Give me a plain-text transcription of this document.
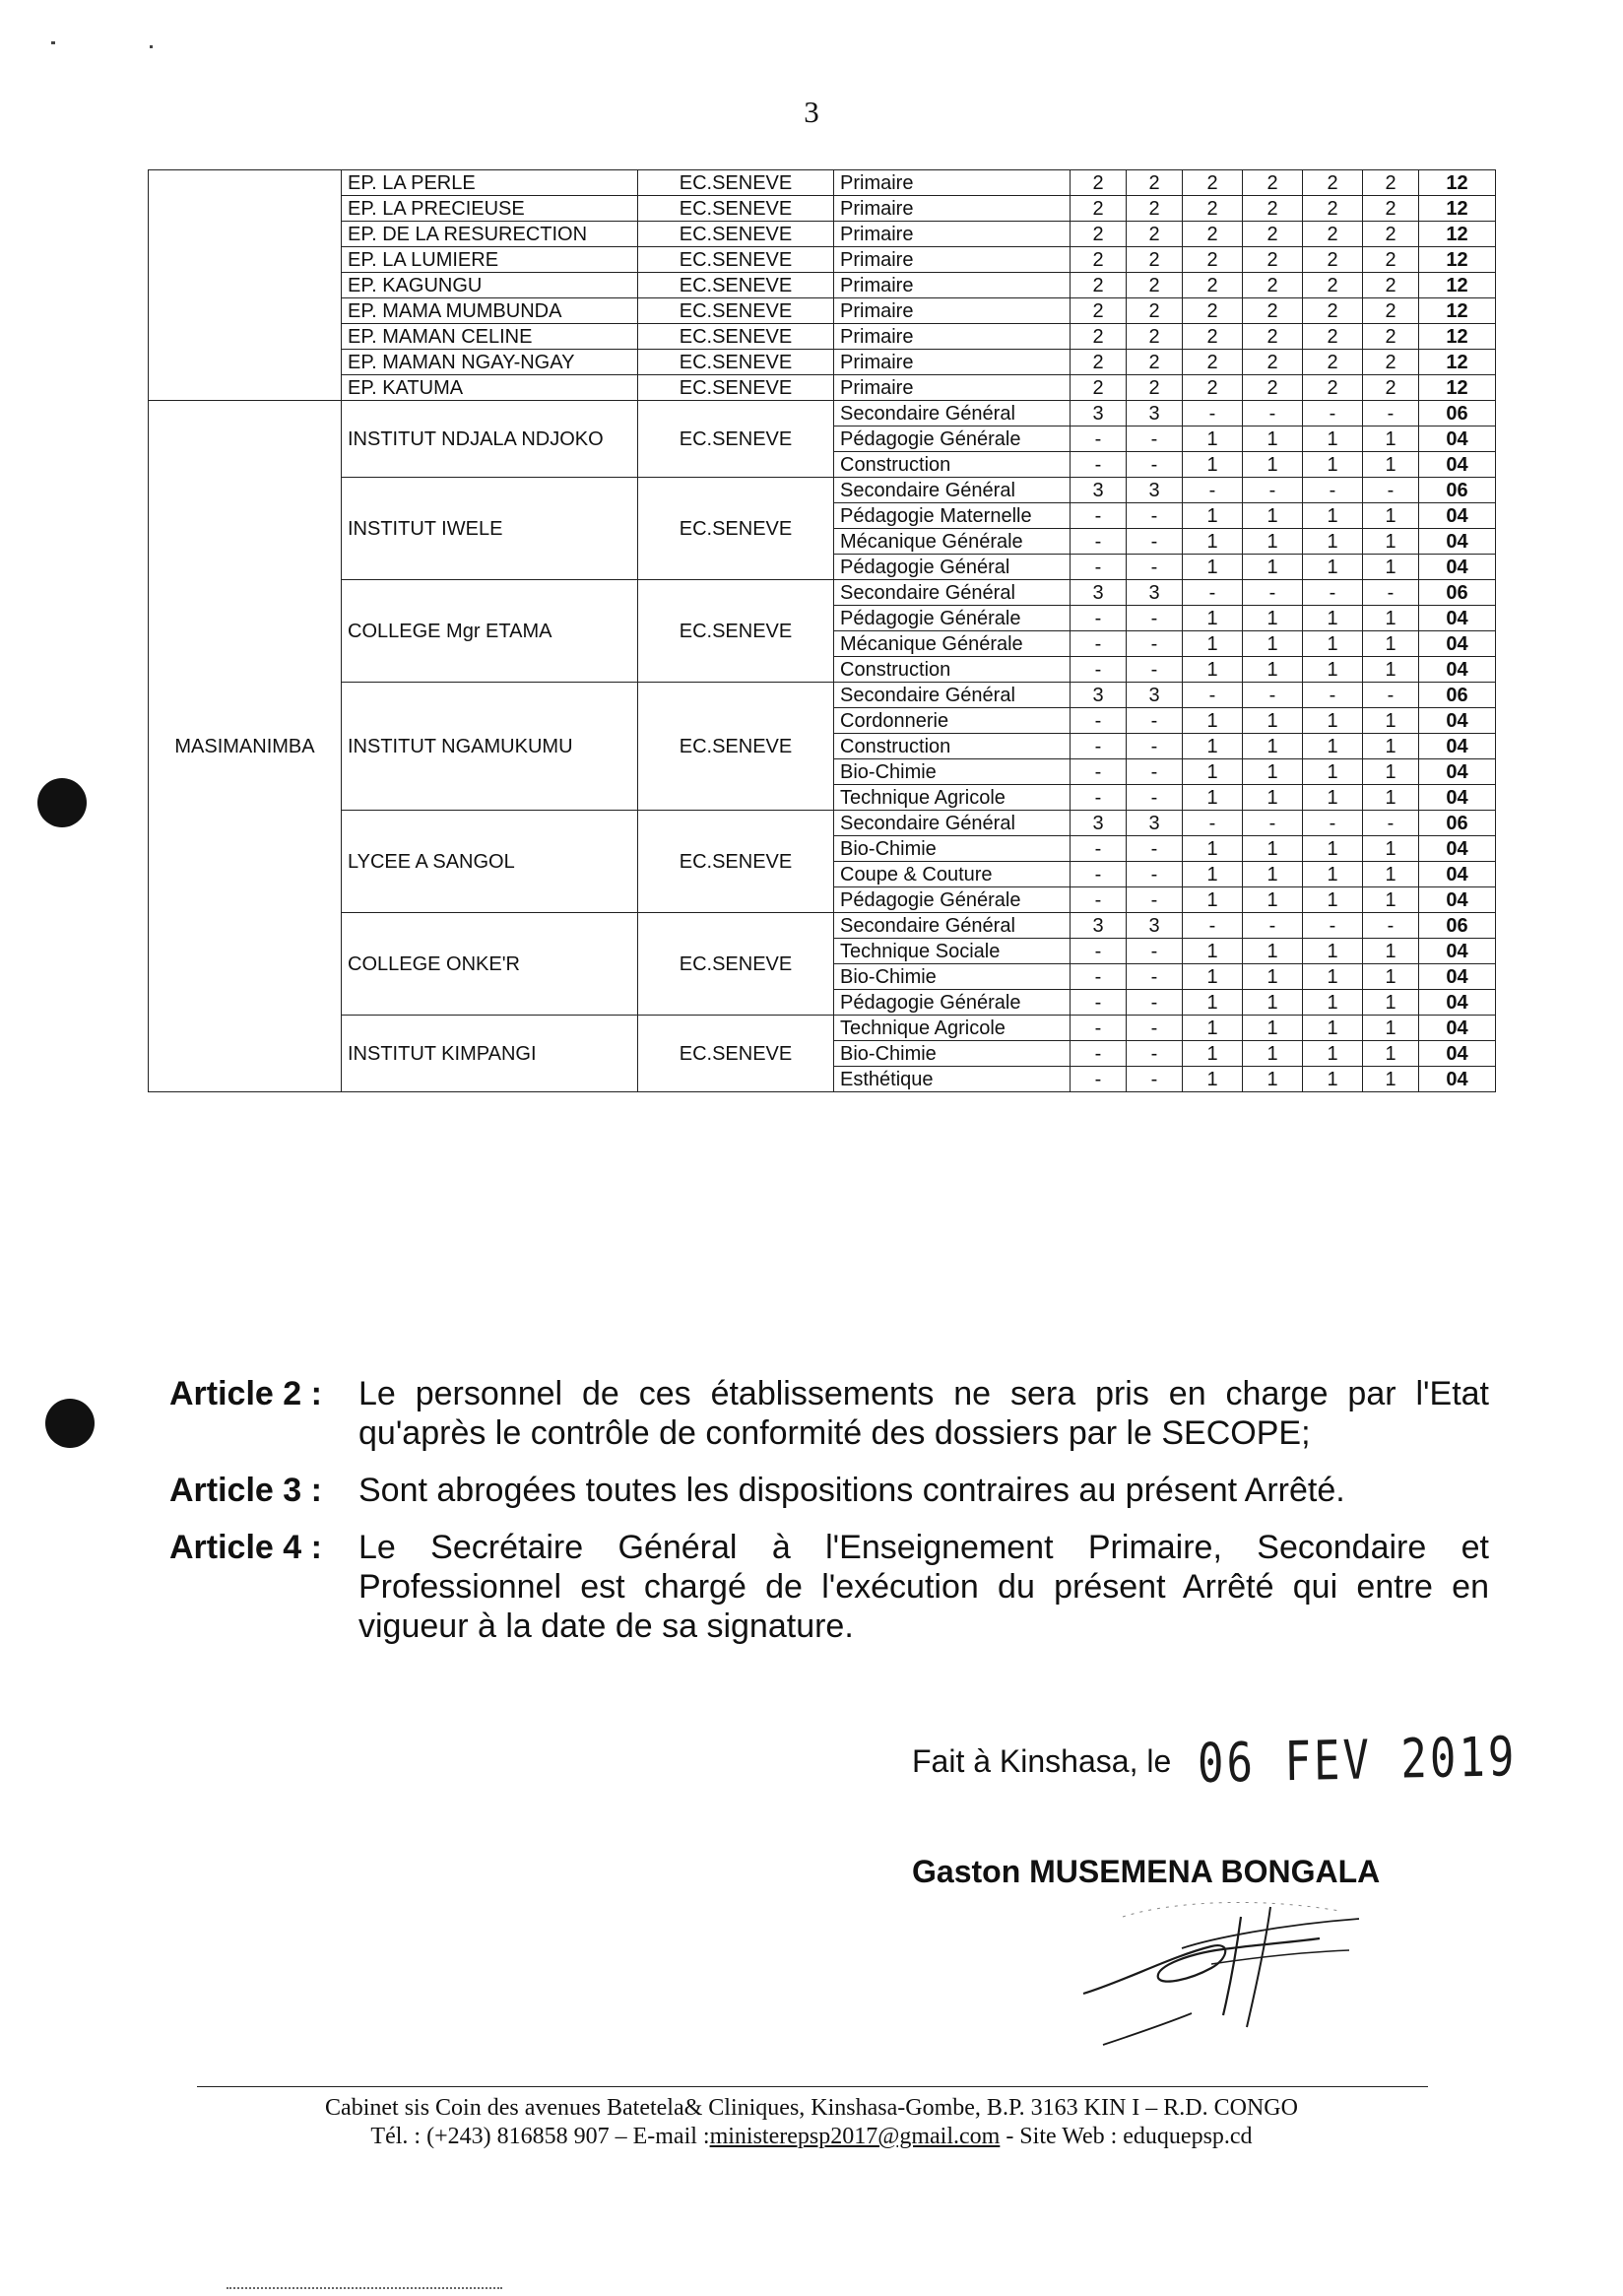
3
	EP. LA PERLE	EC.SENEVE	Primaire	2	2	2	2	2	2	12
	EP. LA PRECIEUSE	EC.SENEVE	Primaire	2	2	2	2	2	2	12
	EP. DE LA RESURECTION	EC.SENEVE	Primaire	2	2	2	2	2	2	12
	EP. LA LUMIERE	EC.SENEVE	Primaire	2	2	2	2	2	2	12
	EP. KAGUNGU	EC.SENEVE	Primaire	2	2	2	2	2	2	12
	EP. MAMA MUMBUNDA	EC.SENEVE	Primaire	2	2	2	2	2	2	12
	EP. MAMAN CELINE	EC.SENEVE	Primaire	2	2	2	2	2	2	12
	EP. MAMAN NGAY-NGAY	EC.SENEVE	Primaire	2	2	2	2	2	2	12
	EP. KATUMA	EC.SENEVE	Primaire	2	2	2	2	2	2	12
MASIMANIMBA	INSTITUT NDJALA NDJOKO	EC.SENEVE	Secondaire Général	3	3	-	-	-	-	06
			Pédagogie Générale	-	-	1	1	1	1	04
			Construction	-	-	1	1	1	1	04
	INSTITUT IWELE	EC.SENEVE	Secondaire Général	3	3	-	-	-	-	06
			Pédagogie Maternelle	-	-	1	1	1	1	04
			Mécanique Générale	-	-	1	1	1	1	04
			Pédagogie Général	-	-	1	1	1	1	04
	COLLEGE Mgr ETAMA	EC.SENEVE	Secondaire Général	3	3	-	-	-	-	06
			Pédagogie Générale	-	-	1	1	1	1	04
			Mécanique Générale	-	-	1	1	1	1	04
			Construction	-	-	1	1	1	1	04
	INSTITUT NGAMUKUMU	EC.SENEVE	Secondaire Général	3	3	-	-	-	-	06
			Cordonnerie	-	-	1	1	1	1	04
			Construction	-	-	1	1	1	1	04
			Bio-Chimie	-	-	1	1	1	1	04
			Technique Agricole	-	-	1	1	1	1	04
	LYCEE A SANGOL	EC.SENEVE	Secondaire Général	3	3	-	-	-	-	06
			Bio-Chimie	-	-	1	1	1	1	04
			Coupe & Couture	-	-	1	1	1	1	04
			Pédagogie Générale	-	-	1	1	1	1	04
	COLLEGE ONKE'R	EC.SENEVE	Secondaire Général	3	3	-	-	-	-	06
			Technique Sociale	-	-	1	1	1	1	04
			Bio-Chimie	-	-	1	1	1	1	04
			Pédagogie Générale	-	-	1	1	1	1	04
	INSTITUT KIMPANGI	EC.SENEVE	Technique Agricole	-	-	1	1	1	1	04
			Bio-Chimie	-	-	1	1	1	1	04
			Esthétique	-	-	1	1	1	1	04
Article 2 :	Le personnel de ces établissements ne sera pris en charge par l'Etat qu'après le contrôle de conformité des dossiers par le SECOPE;
Article 3 :	Sont abrogées toutes les dispositions contraires au présent Arrêté.
Article 4 :	Le Secrétaire Général à l'Enseignement Primaire, Secondaire et Professionnel est chargé de l'exécution du présent Arrêté qui entre en vigueur à la date de sa signature.
Fait à Kinshasa, le 06 FEV 2019
Gaston MUSEMENA BONGALA
Cabinet sis Coin des avenues Batetela& Cliniques, Kinshasa-Gombe, B.P. 3163 KIN I – R.D. CONGO
Tél. : (+243) 816858 907 – E-mail :ministerepsp2017@gmail.com - Site Web : eduquepsp.cd
